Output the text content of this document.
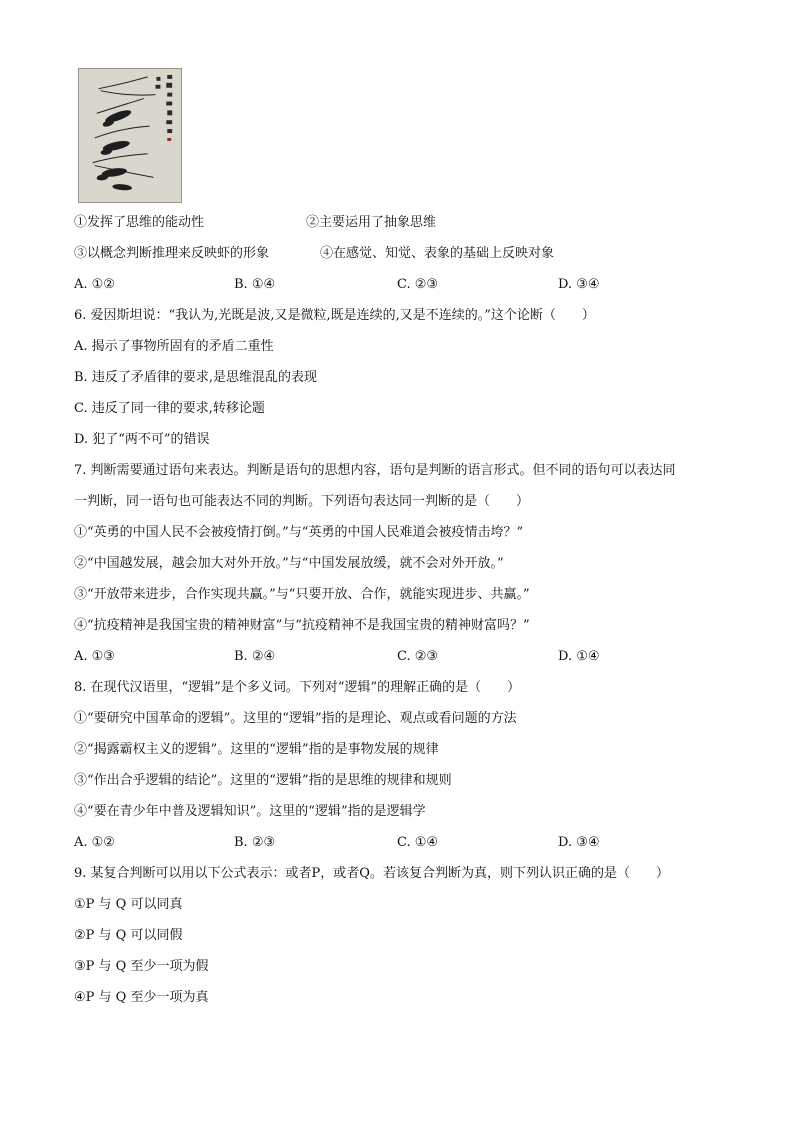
①发挥了思维的能动性	②主要运用了抽象思维
③以概念判断推理来反映虾的形象	④在感觉、知觉、表象的基础上反映对象
A. ①②	B. ①④	C. ②③	D. ③④
6. 爱因斯坦说：“我认为,光既是波,又是微粒,既是连续的,又是不连续的。”这个论断（　　）
A. 揭示了事物所固有的矛盾二重性
B. 违反了矛盾律的要求,是思维混乱的表现
C. 违反了同一律的要求,转移论题
D. 犯了“两不可”的错误
7. 判断需要通过语句来表达。判断是语句的思想内容，语句是判断的语言形式。但不同的语句可以表达同
一判断，同一语句也可能表达不同的判断。下列语句表达同一判断的是（　　）
①“英勇的中国人民不会被疫情打倒。”与“英勇的中国人民难道会被疫情击垮？”
②“中国越发展，越会加大对外开放。”与“中国发展放缓，就不会对外开放。”
③“开放带来进步，合作实现共赢。”与“只要开放、合作，就能实现进步、共赢。”
④“抗疫精神是我国宝贵的精神财富”与“抗疫精神不是我国宝贵的精神财富吗？”
A. ①③	B. ②④	C. ②③	D. ①④
8. 在现代汉语里，“逻辑”是个多义词。下列对“逻辑”的理解正确的是（　　）
①“要研究中国革命的逻辑”。这里的“逻辑”指的是理论、观点或看问题的方法
②“揭露霸权主义的逻辑”。这里的“逻辑”指的是事物发展的规律
③“作出合乎逻辑的结论”。这里的“逻辑”指的是思维的规律和规则
④“要在青少年中普及逻辑知识”。这里的“逻辑”指的是逻辑学
A. ①②	B. ②③	C. ①④	D. ③④
9. 某复合判断可以用以下公式表示：或者P，或者Q。若该复合判断为真，则下列认识正确的是（　　）
①P 与 Q 可以同真
②P 与 Q 可以同假
③P 与 Q 至少一项为假
④P 与 Q 至少一项为真
